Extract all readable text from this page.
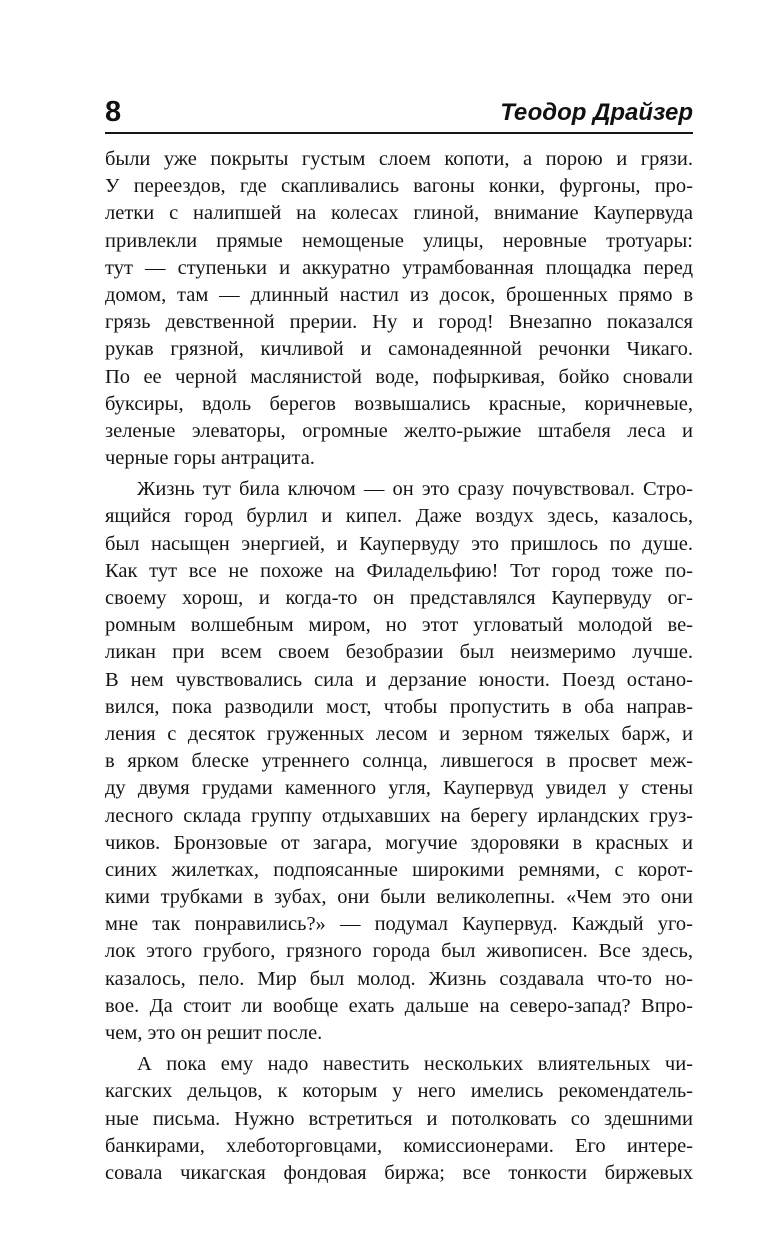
8	Теодор Драйзер
были уже покрыты густым слоем копоти, а порою и грязи.
У переездов, где скапливались вагоны конки, фургоны, про-
летки с налипшей на колесах глиной, внимание Каупервуда
привлекли прямые немощеные улицы, неровные тротуары:
тут — ступеньки и аккуратно утрамбованная площадка перед
домом, там — длинный настил из досок, брошенных прямо в
грязь девственной прерии. Ну и город! Внезапно показался
рукав грязной, кичливой и самонадеянной речонки Чикаго.
По ее черной маслянистой воде, пофыркивая, бойко сновали
буксиры, вдоль берегов возвышались красные, коричневые,
зеленые элеваторы, огромные желто-рыжие штабеля леса и
черные горы антрацита.
Жизнь тут била ключом — он это сразу почувствовал. Стро-
ящийся город бурлил и кипел. Даже воздух здесь, казалось,
был насыщен энергией, и Каупервуду это пришлось по душе.
Как тут все не похоже на Филадельфию! Тот город тоже по-
своему хорош, и когда-то он представлялся Каупервуду ог-
ромным волшебным миром, но этот угловатый молодой ве-
ликан при всем своем безобразии был неизмеримо лучше.
В нем чувствовались сила и дерзание юности. Поезд остано-
вился, пока разводили мост, чтобы пропустить в оба направ-
ления с десяток груженных лесом и зерном тяжелых барж, и
в ярком блеске утреннего солнца, лившегося в просвет меж-
ду двумя грудами каменного угля, Каупервуд увидел у стены
лесного склада группу отдыхавших на берегу ирландских груз-
чиков. Бронзовые от загара, могучие здоровяки в красных и
синих жилетках, подпоясанные широкими ремнями, с корот-
кими трубками в зубах, они были великолепны. «Чем это они
мне так понравились?» — подумал Каупервуд. Каждый уго-
лок этого грубого, грязного города был живописен. Все здесь,
казалось, пело. Мир был молод. Жизнь создавала что-то но-
вое. Да стоит ли вообще ехать дальше на северо-запад? Впро-
чем, это он решит после.
А пока ему надо навестить нескольких влиятельных чи-
кагских дельцов, к которым у него имелись рекомендатель-
ные письма. Нужно встретиться и потолковать со здешними
банкирами, хлеботорговцами, комиссионерами. Его интере-
совала чикагская фондовая биржа; все тонкости биржевых
